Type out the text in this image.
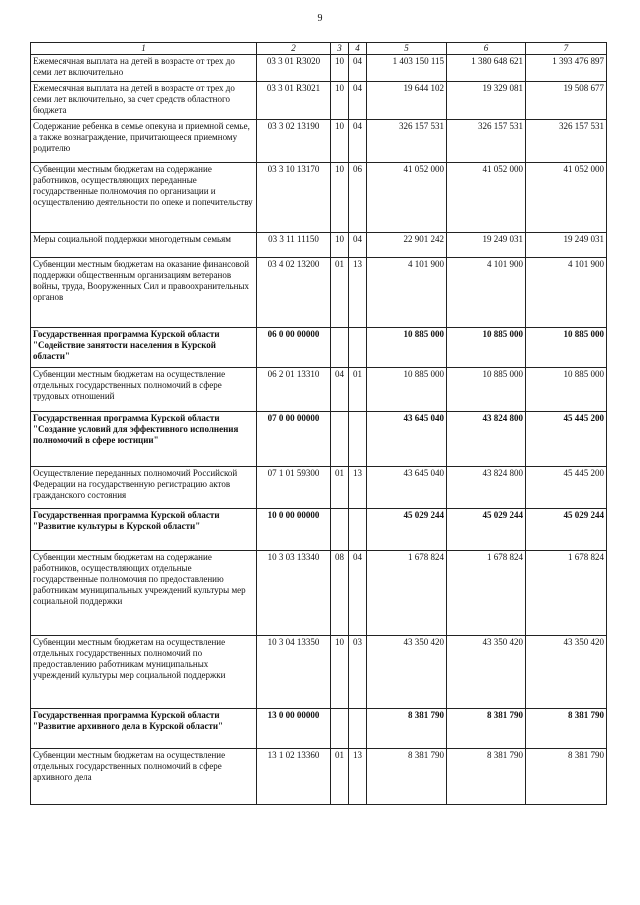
9
1	2	3	4	5	6	7
Ежемесячная выплата на детей в возрасте от трех до семи лет включительно	03 3 01 R3020	10	04	1 403 150 115	1 380 648 621	1 393 476 897
Ежемесячная выплата на детей в возрасте от трех до семи лет включительно, за счет средств областного бюджета	03 3 01 R3021	10	04	19 644 102	19 329 081	19 508 677
Содержание ребенка в семье опекуна и приемной семье, а также вознаграждение, причитающееся приемному родителю	03 3 02 13190	10	04	326 157 531	326 157 531	326 157 531
Субвенции местным бюджетам на содержание работников, осуществляющих переданные государственные полномочия по организации и осуществлению деятельности по опеке и попечительству	03 3 10 13170	10	06	41 052 000	41 052 000	41 052 000
Меры социальной поддержки многодетным семьям	03 3 11 11150	10	04	22 901 242	19 249 031	19 249 031
Субвенции местным бюджетам на оказание финансовой поддержки общественным организациям ветеранов войны, труда, Вооруженных Сил и правоохранительных органов	03 4 02 13200	01	13	4 101 900	4 101 900	4 101 900
Государственная программа Курской области "Содействие занятости населения в Курской области"	06 0 00 00000			10 885 000	10 885 000	10 885 000
Субвенции местным бюджетам на осуществление отдельных государственных полномочий в сфере трудовых отношений	06 2 01 13310	04	01	10 885 000	10 885 000	10 885 000
Государственная программа Курской области "Создание условий для эффективного исполнения полномочий в сфере юстиции"	07 0 00 00000			43 645 040	43 824 800	45 445 200
Осуществление переданных полномочий Российской Федерации на государственную регистрацию актов гражданского состояния	07 1 01 59300	01	13	43 645 040	43 824 800	45 445 200
Государственная программа Курской области "Развитие культуры в Курской области"	10 0 00 00000			45 029 244	45 029 244	45 029 244
Субвенции местным бюджетам на содержание работников, осуществляющих отдельные государственные полномочия по предоставлению работникам муниципальных учреждений культуры мер социальной поддержки	10 3 03 13340	08	04	1 678 824	1 678 824	1 678 824
Субвенции местным бюджетам на осуществление отдельных государственных полномочий по предоставлению работникам муниципальных учреждений культуры мер социальной поддержки	10 3 04 13350	10	03	43 350 420	43 350 420	43 350 420
Государственная программа Курской области "Развитие архивного дела в Курской области"	13 0 00 00000			8 381 790	8 381 790	8 381 790
Субвенции местным бюджетам на осуществление отдельных государственных полномочий в сфере архивного дела	13 1 02 13360	01	13	8 381 790	8 381 790	8 381 790
